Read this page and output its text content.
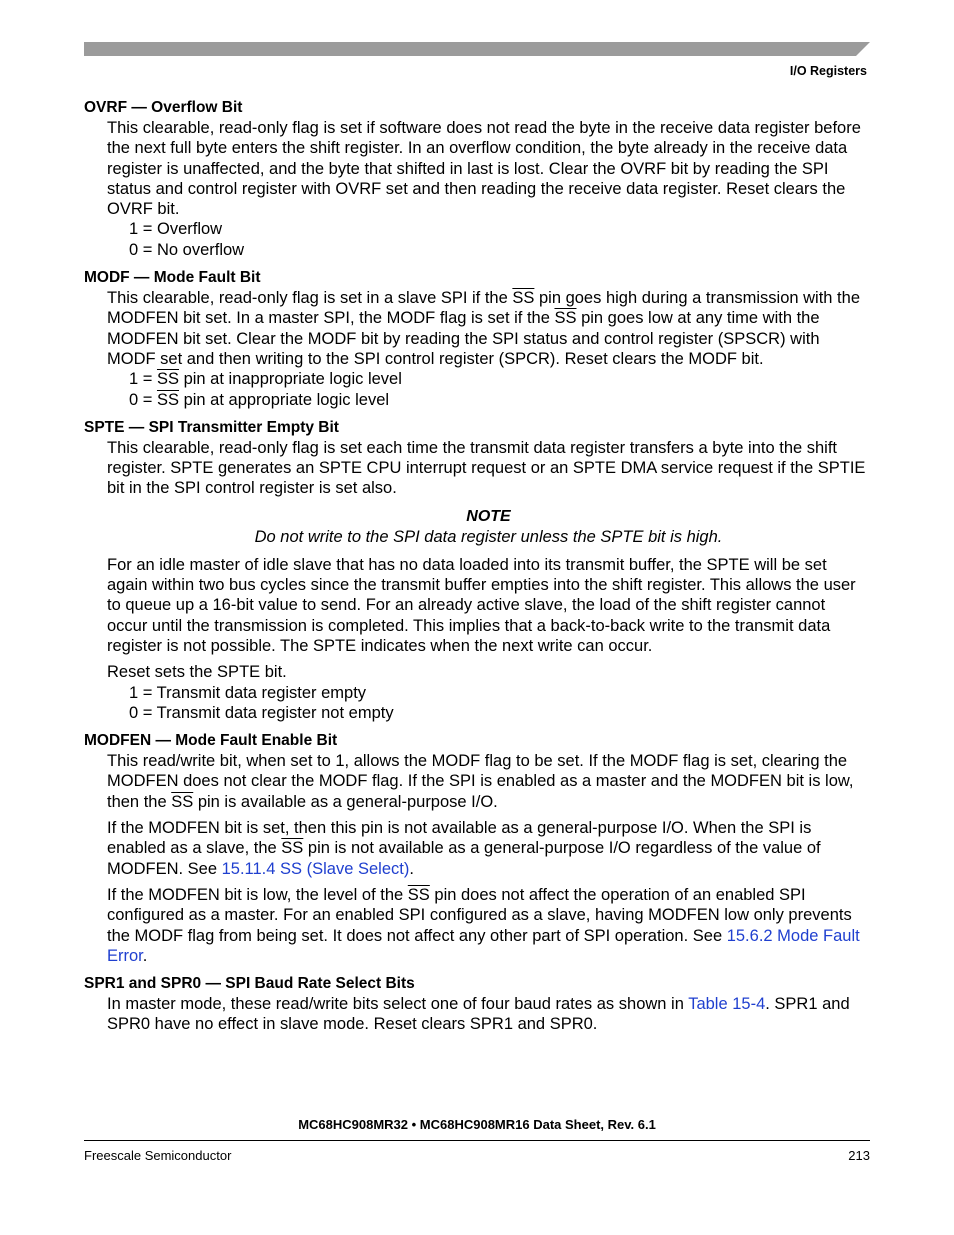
I/O Registers
OVRF — Overflow Bit

This clearable, read-only flag is set if software does not read the byte in the receive data register before the next full byte enters the shift register. In an overflow condition, the byte already in the receive data register is unaffected, and the byte that shifted in last is lost. Clear the OVRF bit by reading the SPI status and control register with OVRF set and then reading the receive data register. Reset clears the OVRF bit.

1 = Overflow
0 = No overflow
MODF — Mode Fault Bit

This clearable, read-only flag is set in a slave SPI if the $\overline{SS}$ pin goes high during a transmission with the MODFEN bit set. In a master SPI, the MODF flag is set if the $\overline{SS}$ pin goes low at any time with the MODFEN bit set. Clear the MODF bit by reading the SPI status and control register (SPSCR) with MODF set and then writing to the SPI control register (SPCR). Reset clears the MODF bit.

$1 = \overline{SS}$ pin at inappropriate logic level
$0 = \overline{SS}$ pin at appropriate logic level
SPTE — SPI Transmitter Empty Bit

This clearable, read-only flag is set each time the transmit data register transfers a byte into the shift register. SPTE generates an SPTE CPU interrupt request or an SPTE DMA service request if the SPTIE bit in the SPI control register is set also.

NOTE
Do not write to the SPI data register unless the SPTE bit is high.

For an idle master of idle slave that has no data loaded into its transmit buffer, the SPTE will be set again within two bus cycles since the transmit buffer empties into the shift register. This allows the user to queue up a 16-bit value to send. For an already active slave, the load of the shift register cannot occur until the transmission is completed. This implies that a back-to-back write to the transmit data register is not possible. The SPTE indicates when the next write can occur.

Reset sets the SPTE bit.

1 = Transmit data register empty
0 = Transmit data register not empty
MODFEN — Mode Fault Enable Bit

This read/write bit, when set to 1, allows the MODF flag to be set. If the MODF flag is set, clearing the MODFEN does not clear the MODF flag. If the SPI is enabled as a master and the MODFEN bit is low, then the $\overline{SS}$ pin is available as a general-purpose I/O.

If the MODFEN bit is set, then this pin is not available as a general-purpose I/O. When the SPI is enabled as a slave, the $\overline{SS}$ pin is not available as a general-purpose I/O regardless of the value of MODFEN. See 15.11.4 SS (Slave Select).

If the MODFEN bit is low, the level of the $\overline{SS}$ pin does not affect the operation of an enabled SPI configured as a master. For an enabled SPI configured as a slave, having MODFEN low only prevents the MODF flag from being set. It does not affect any other part of SPI operation. See 15.6.2 Mode Fault Error.

SPR1 and SPR0 — SPI Baud Rate Select Bits

In master mode, these read/write bits select one of four baud rates as shown in Table 15-4. SPR1 and SPR0 have no effect in slave mode. Reset clears SPR1 and SPR0.

MC68HC908MR32 • MC68HC908MR16 Data Sheet, Rev. 6.1
Freescale Semiconductor	213
